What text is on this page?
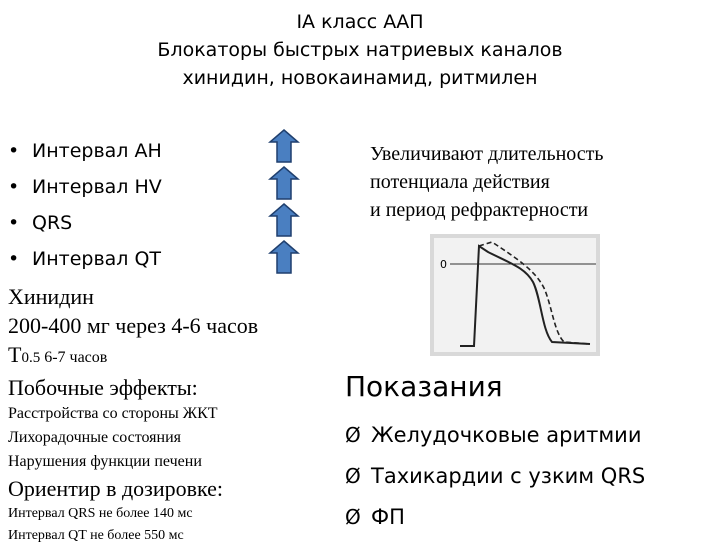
IA класс ААП
Блокаторы быстрых натриевых каналов
хинидин, новокаинамид, ритмилен
• Интервал АН
• Интервал HV
• QRS
• Интервал QT
Увеличивают длительность
потенциала действия
и период рефрактерности
0
Хинидин
200-400 мг через 4-6 часов
Т0.5 6-7 часов
Побочные эффекты:
Расстройства со стороны ЖКТ
Лихорадочные состояния
Нарушения функции печени
Ориентир в дозировке:
Интервал QRS не более 140 мс
Интервал QT не более 550 мс
Показания
Ø Желудочковые аритмии
Ø Тахикардии с узким QRS
Ø ФП
